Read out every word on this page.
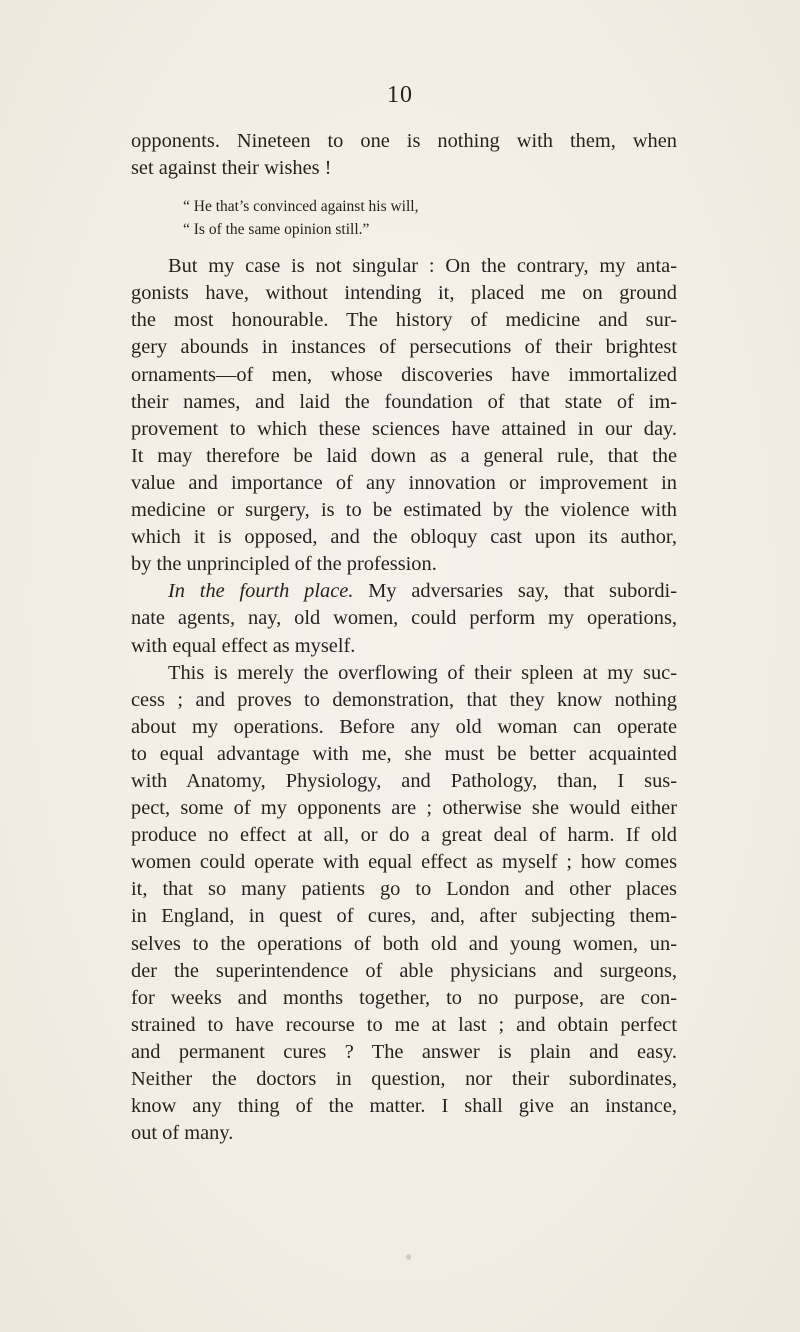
10

opponents. Nineteen to one is nothing with them, when

set against their wishes !

“ He that’s convinced against his will,
“ Is of the same opinion still.”

But my case is not singular : On the contrary, my anta-

gonists have, without intending it, placed me on ground

the most honourable. The history of medicine and sur-

gery abounds in instances of persecutions of their brightest

ornaments—of men, whose discoveries have immortalized

their names, and laid the foundation of that state of im-

provement to which these sciences have attained in our day.

It may therefore be laid down as a general rule, that the

value and importance of any innovation or improvement in

medicine or surgery, is to be estimated by the violence with

which it is opposed, and the obloquy cast upon its author,

by the unprincipled of the profession.

In the fourth place. My adversaries say, that subordi-

nate agents, nay, old women, could perform my operations,

with equal effect as myself.

This is merely the overflowing of their spleen at my suc-

cess ; and proves to demonstration, that they know nothing

about my operations. Before any old woman can operate

to equal advantage with me, she must be better acquainted

with Anatomy, Physiology, and Pathology, than, I sus-

pect, some of my opponents are ; otherwise she would either

produce no effect at all, or do a great deal of harm. If old

women could operate with equal effect as myself ; how comes

it, that so many patients go to London and other places

in England, in quest of cures, and, after subjecting them-

selves to the operations of both old and young women, un-

der the superintendence of able physicians and surgeons,

for weeks and months together, to no purpose, are con-

strained to have recourse to me at last ; and obtain perfect

and permanent cures ? The answer is plain and easy.

Neither the doctors in question, nor their subordinates,

know any thing of the matter. I shall give an instance,

out of many.
